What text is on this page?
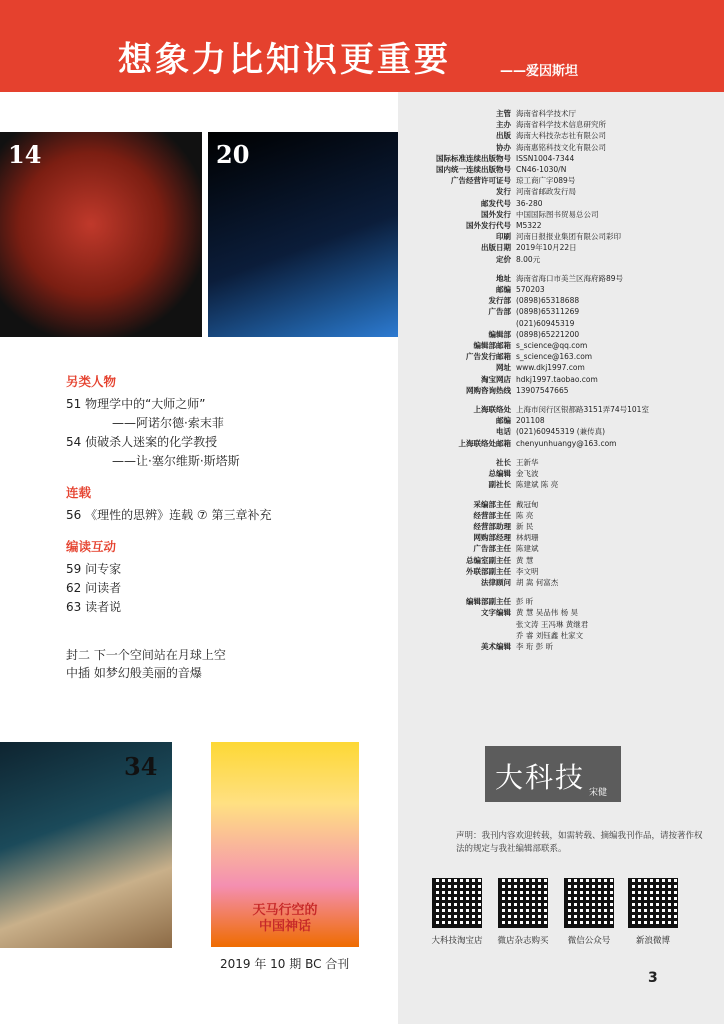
想象力比知识更重要	——爱因斯坦
14	20
另类人物
51 物理学中的“大师之师”
——阿诺尔德·索末菲
54 侦破杀人迷案的化学教授
——让·塞尔维斯·斯塔斯
连载
56 《理性的思辨》连载 ⑦ 第三章补充
编读互动
59 问专家
62 问读者
63 读者说
封二 下一个空间站在月球上空
中插 如梦幻般美丽的音爆
34
天马行空的
中国神话
2019 年 10 期 BC 合刊
主管 海南省科学技术厅
主办 海南省科学技术信息研究所
出版 海南大科技杂志社有限公司
协办 海南惠铭科技文化有限公司
国际标准连续出版物号 ISSN1004-7344
国内统一连续出版物号 CN46-1030/N
广告经营许可证号 琼工商广字089号
发行 河南省邮政发行局
邮发代号 36-280
国外发行 中国国际图书贸易总公司
国外发行代号 M5322
印刷 河南日报报业集团有限公司彩印
出版日期 2019年10月22日
定价 8.00元
地址 海南省海口市美兰区海府路89号
邮编 570203
发行部 (0898)65318688
广告部 (0898)65311269
(021)60945319
编辑部 (0898)65221200
编辑部邮箱 s_science@qq.com
广告发行邮箱 s_science@163.com
网址 www.dkj1997.com
淘宝网店 hdkj1997.taobao.com
网购咨询热线 13907547665
上海联络处 上海市闵行区银都路3151弄74号101室
邮编 201108
电话 (021)60945319 (兼传真)
上海联络处邮箱 chenyunhuangy@163.com
社长 王新华
总编辑 金飞波
副社长 陈建斌 陈 亮
采编部主任 戴冠甸
经营部主任 陈 亮
经营部助理 新 民
网购部经理 林炳珊
广告部主任 陈建斌
总编室副主任 黄 慧
外联部副主任 李文明
法律顾问 胡 嵩 何富杰
编辑部副主任 彭 昕
文字编辑 黄 慧 吴品伟 杨 昊
张文涛 王冯琳 黄继君
乔 睿 刘钰鑫 杜家文
美术编辑 李 珩 彭 昕
大科技 宋健
声明：我刊内容欢迎转载，如需转载、摘编我刊作品，请按著作权法的规定与我社编辑部联系。
大科技淘宝店	微店杂志购买	微信公众号	新浪微博
3
